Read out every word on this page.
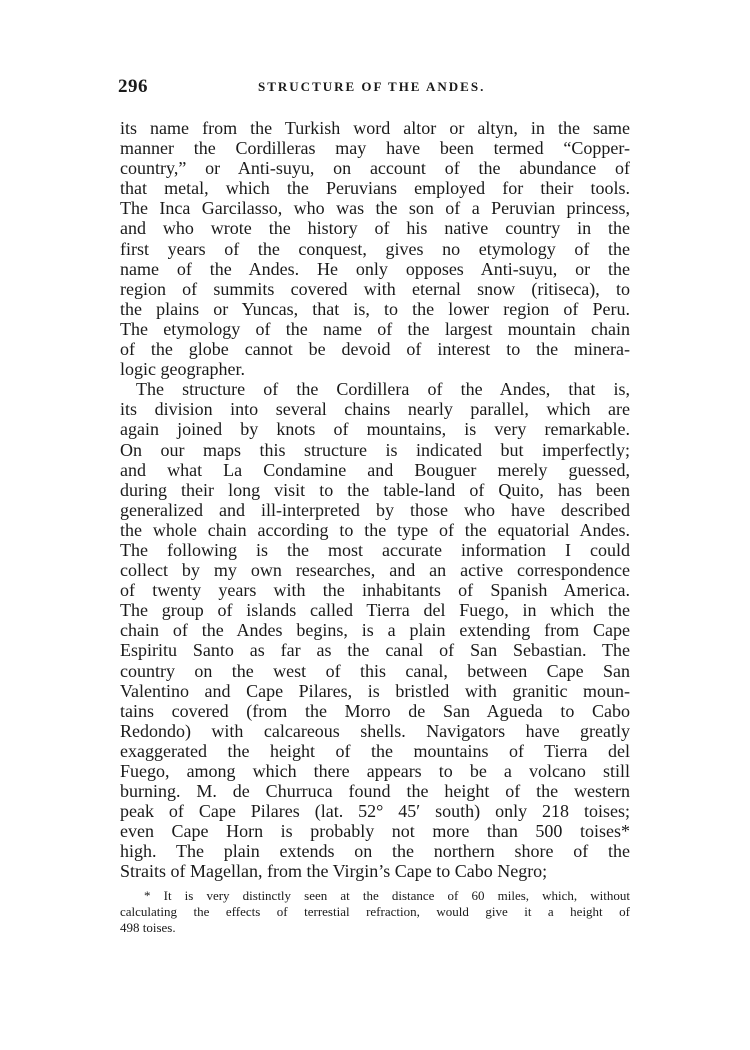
296	STRUCTURE OF THE ANDES.
its name from the Turkish word altor or altyn, in the same
manner the Cordilleras may have been termed “Copper-
country,” or Anti-suyu, on account of the abundance of
that metal, which the Peruvians employed for their tools.
The Inca Garcilasso, who was the son of a Peruvian princess,
and who wrote the history of his native country in the
first years of the conquest, gives no etymology of the
name of the Andes. He only opposes Anti-suyu, or the
region of summits covered with eternal snow (ritiseca), to
the plains or Yuncas, that is, to the lower region of Peru.
The etymology of the name of the largest mountain chain
of the globe cannot be devoid of interest to the minera-
logic geographer.
The structure of the Cordillera of the Andes, that is,
its division into several chains nearly parallel, which are
again joined by knots of mountains, is very remarkable.
On our maps this structure is indicated but imperfectly;
and what La Condamine and Bouguer merely guessed,
during their long visit to the table-land of Quito, has been
generalized and ill-interpreted by those who have described
the whole chain according to the type of the equatorial Andes.
The following is the most accurate information I could
collect by my own researches, and an active correspondence
of twenty years with the inhabitants of Spanish America.
The group of islands called Tierra del Fuego, in which the
chain of the Andes begins, is a plain extending from Cape
Espiritu Santo as far as the canal of San Sebastian. The
country on the west of this canal, between Cape San
Valentino and Cape Pilares, is bristled with granitic moun-
tains covered (from the Morro de San Agueda to Cabo
Redondo) with calcareous shells. Navigators have greatly
exaggerated the height of the mountains of Tierra del
Fuego, among which there appears to be a volcano still
burning. M. de Churruca found the height of the western
peak of Cape Pilares (lat. 52° 45′ south) only 218 toises;
even Cape Horn is probably not more than 500 toises*
high. The plain extends on the northern shore of the
Straits of Magellan, from the Virgin’s Cape to Cabo Negro;
* It is very distinctly seen at the distance of 60 miles, which, without
calculating the effects of terrestial refraction, would give it a height of
498 toises.
